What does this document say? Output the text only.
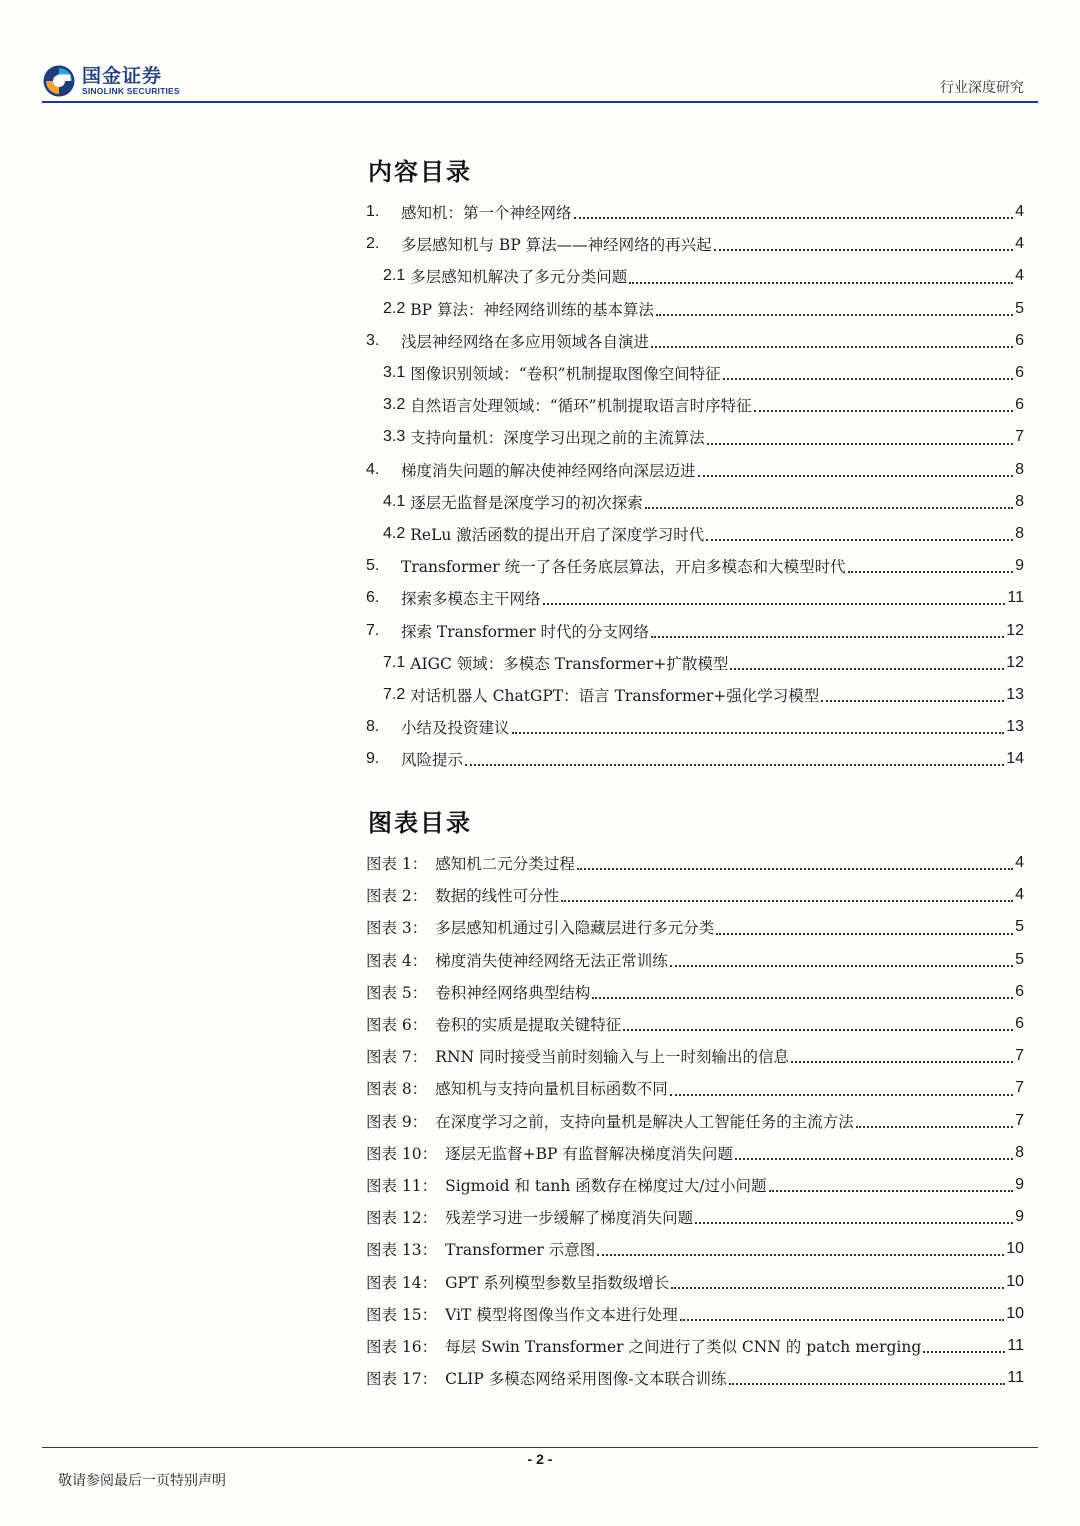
国金证券
SINOLINK SECURITIES	行业深度研究
内容目录
1.	感知机：第一个神经网络	4
2.	多层感知机与 BP 算法——神经网络的再兴起	4
2.1 多层感知机解决了多元分类问题	4
2.2 BP 算法：神经网络训练的基本算法	5
3.	浅层神经网络在多应用领域各自演进	6
3.1 图像识别领域：“卷积”机制提取图像空间特征	6
3.2 自然语言处理领域：“循环”机制提取语言时序特征	6
3.3 支持向量机：深度学习出现之前的主流算法	7
4.	梯度消失问题的解决使神经网络向深层迈进	8
4.1 逐层无监督是深度学习的初次探索	8
4.2 ReLu 激活函数的提出开启了深度学习时代	8
5.	Transformer 统一了各任务底层算法，开启多模态和大模型时代	9
6.	探索多模态主干网络	11
7.	探索 Transformer 时代的分支网络	12
7.1 AIGC 领域：多模态 Transformer+扩散模型	12
7.2 对话机器人 ChatGPT：语言 Transformer+强化学习模型	13
8.	小结及投资建议	13
9.	风险提示	14
图表目录
图表 1： 感知机二元分类过程	4
图表 2： 数据的线性可分性	4
图表 3： 多层感知机通过引入隐藏层进行多元分类	5
图表 4： 梯度消失使神经网络无法正常训练	5
图表 5： 卷积神经网络典型结构	6
图表 6： 卷积的实质是提取关键特征	6
图表 7： RNN 同时接受当前时刻输入与上一时刻输出的信息	7
图表 8： 感知机与支持向量机目标函数不同	7
图表 9： 在深度学习之前，支持向量机是解决人工智能任务的主流方法	7
图表 10： 逐层无监督+BP 有监督解决梯度消失问题	8
图表 11： Sigmoid 和 tanh 函数存在梯度过大/过小问题	9
图表 12： 残差学习进一步缓解了梯度消失问题	9
图表 13： Transformer 示意图	10
图表 14： GPT 系列模型参数呈指数级增长	10
图表 15： ViT 模型将图像当作文本进行处理	10
图表 16： 每层 Swin Transformer 之间进行了类似 CNN 的 patch merging	11
图表 17： CLIP 多模态网络采用图像-文本联合训练	11
- 2 -
敬请参阅最后一页特别声明
